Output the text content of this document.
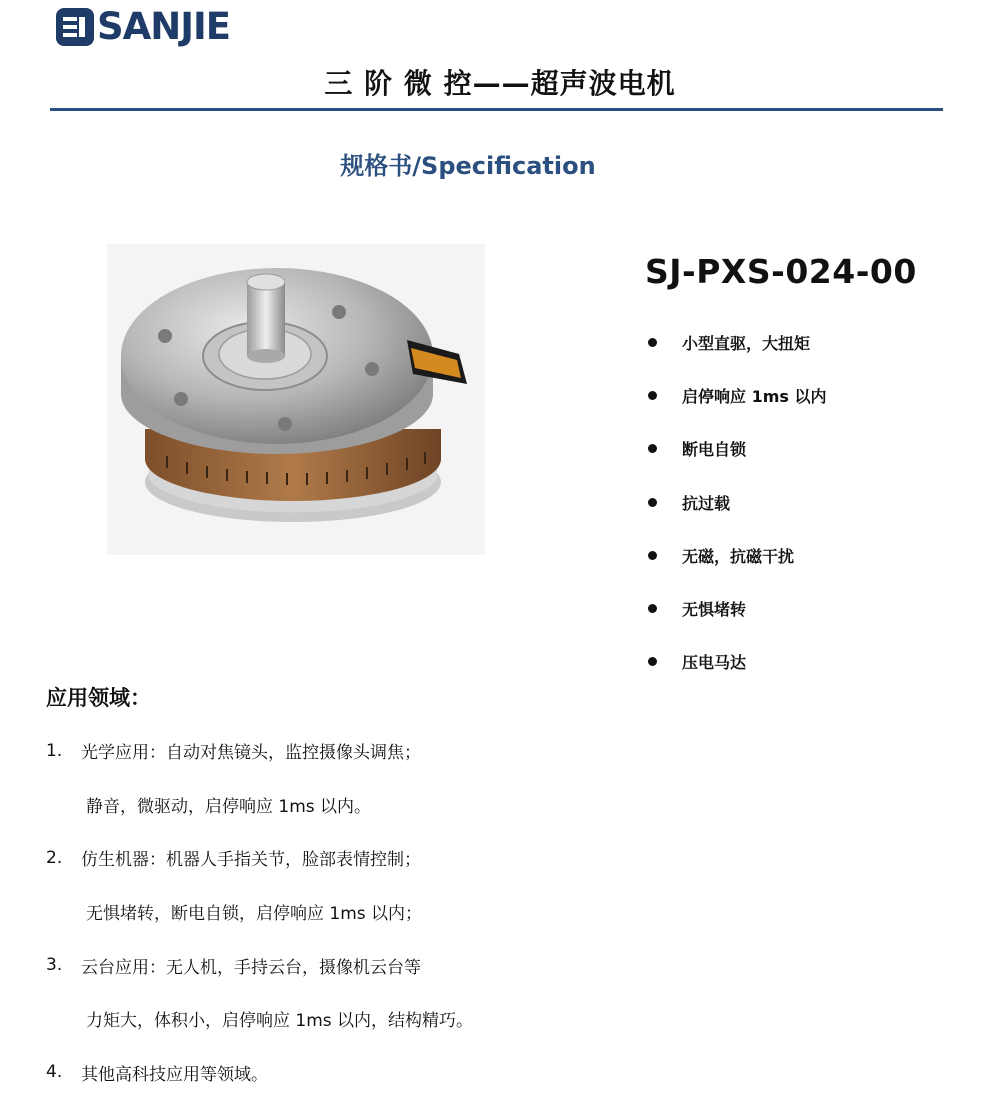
SANJIE
三 阶 微 控——超声波电机
规格书/Specification
SJ-PXS-024-00
小型直驱，大扭矩
启停响应 1ms 以内
断电自锁
抗过载
无磁，抗磁干扰
无惧堵转
压电马达
应用领域：
1.	光学应用：自动对焦镜头，监控摄像头调焦；
静音，微驱动，启停响应 1ms 以内。
2.	仿生机器：机器人手指关节，脸部表情控制；
无惧堵转，断电自锁，启停响应 1ms 以内；
3.	云台应用：无人机，手持云台，摄像机云台等
力矩大，体积小，启停响应 1ms 以内，结构精巧。
4.	其他高科技应用等领域。
